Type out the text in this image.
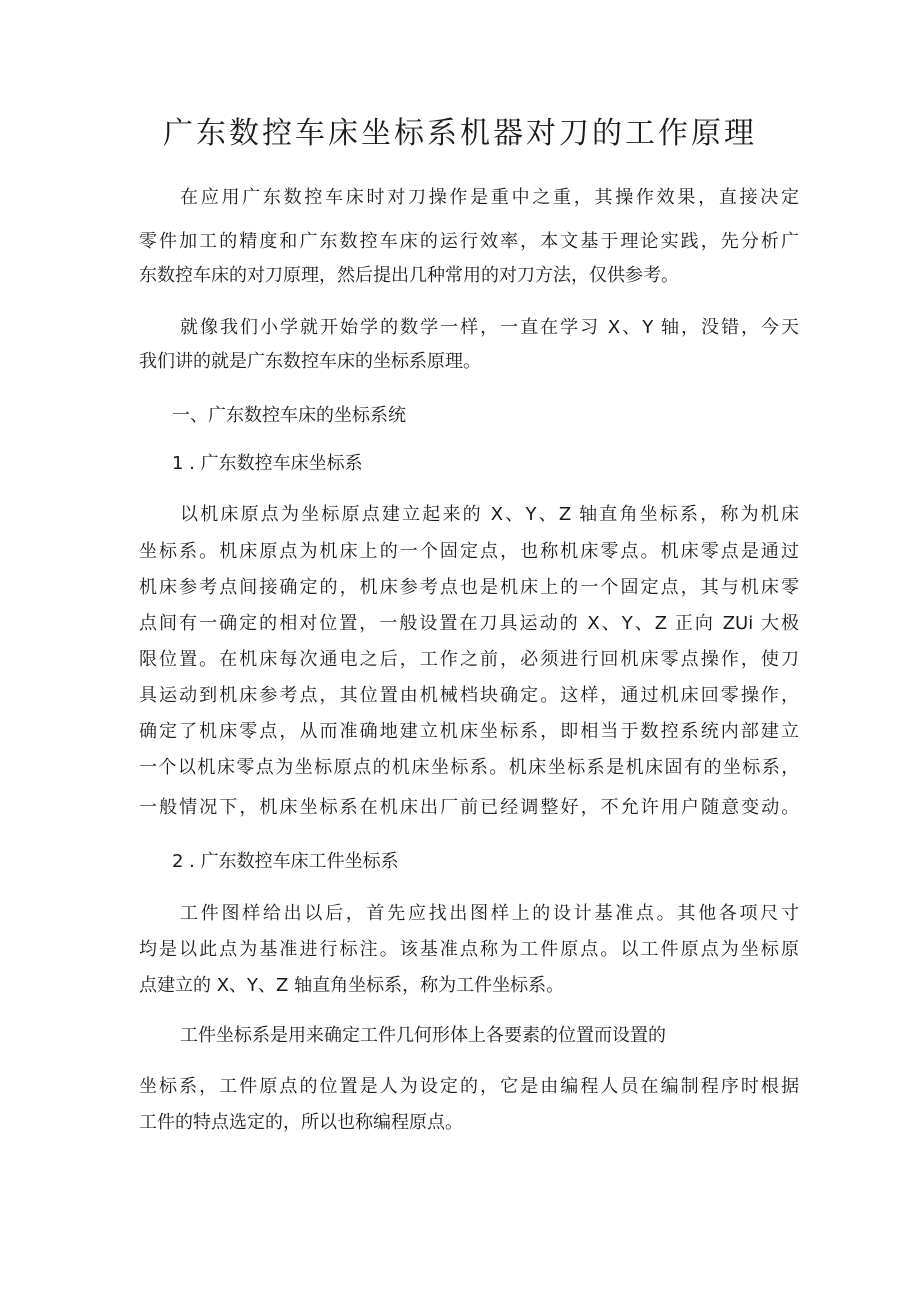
广东数控车床坐标系机器对刀的工作原理

在应用广东数控车床时对刀操作是重中之重，其操作效果，直接决定

零件加工的精度和广东数控车床的运行效率，本文基于理论实践，先分析广

东数控车床的对刀原理，然后提出几种常用的对刀方法，仅供参考。

就像我们小学就开始学的数学一样，一直在学习 X、Y 轴，没错，今天

我们讲的就是广东数控车床的坐标系原理。

一、广东数控车床的坐标系统

1 . 广东数控车床坐标系

以机床原点为坐标原点建立起来的 X、Y、Z 轴直角坐标系，称为机床

坐标系。机床原点为机床上的一个固定点，也称机床零点。机床零点是通过

机床参考点间接确定的，机床参考点也是机床上的一个固定点，其与机床零

点间有一确定的相对位置，一般设置在刀具运动的 X、Y、Z 正向 ZUi 大极

限位置。在机床每次通电之后，工作之前，必须进行回机床零点操作，使刀

具运动到机床参考点，其位置由机械档块确定。这样，通过机床回零操作，

确定了机床零点，从而准确地建立机床坐标系，即相当于数控系统内部建立

一个以机床零点为坐标原点的机床坐标系。机床坐标系是机床固有的坐标系，

一般情况下，机床坐标系在机床出厂前已经调整好，不允许用户随意变动。

2 . 广东数控车床工件坐标系

工件图样给出以后，首先应找出图样上的设计基准点。其他各项尺寸

均是以此点为基准进行标注。该基准点称为工件原点。以工件原点为坐标原

点建立的 X、Y、Z 轴直角坐标系，称为工件坐标系。

工件坐标系是用来确定工件几何形体上各要素的位置而设置的

坐标系，工件原点的位置是人为设定的，它是由编程人员在编制程序时根据

工件的特点选定的，所以也称编程原点。
